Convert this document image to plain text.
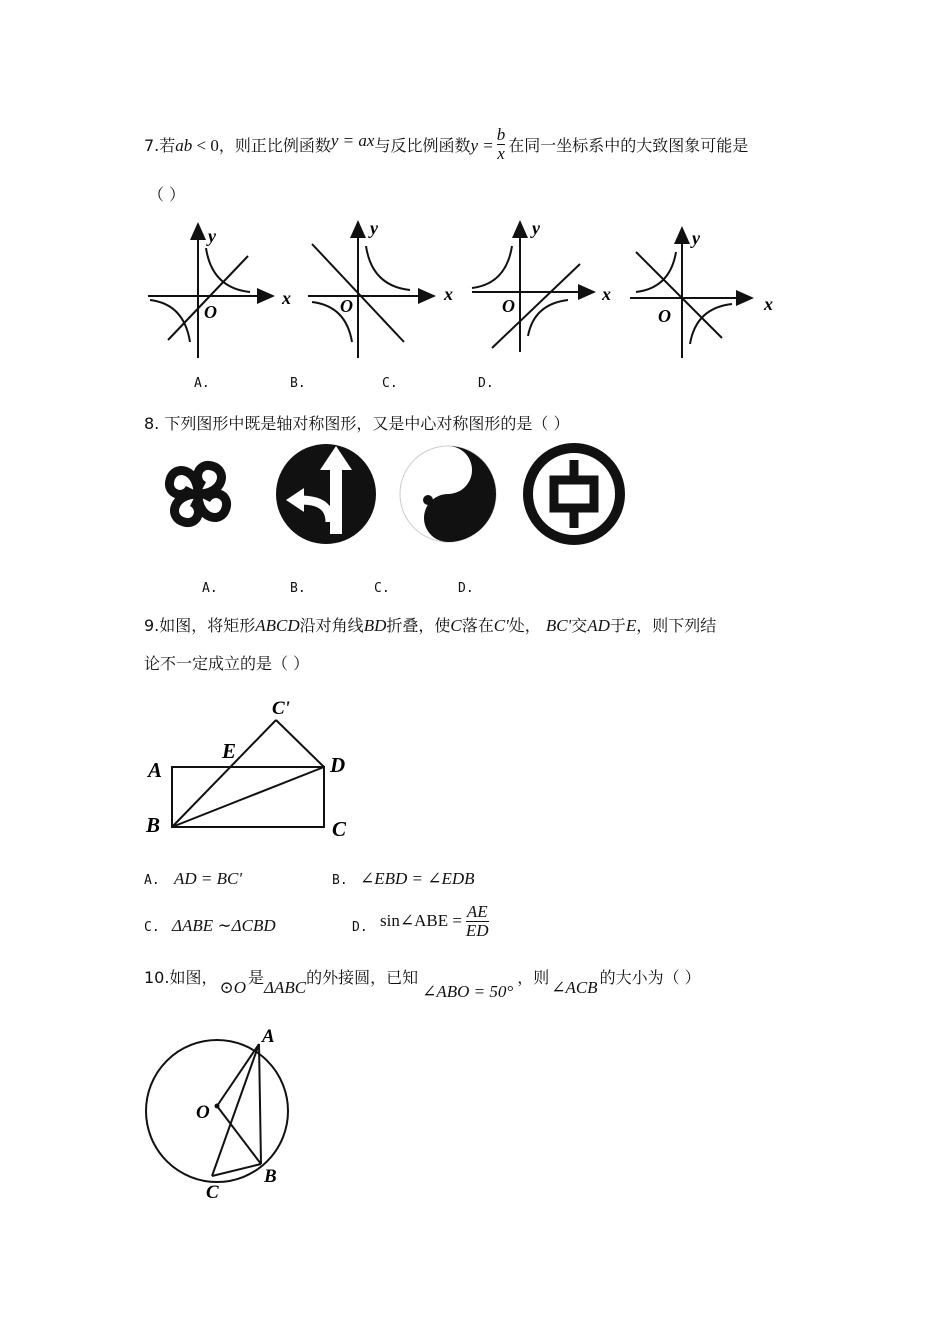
7.若ab < 0，则正比例函数y = ax与反比例函数$y = \frac{b}{x}$ 在同一坐标系中的大致图象可能是
（ ）
y
x
O
y
x
O
y
x
O
y
x
O
A.	B.	C.	D.
8. 下列图形中既是轴对称图形，又是中心对称图形的是（ ）
A.	B.	C.	D.
9.如图，将矩形ABCD沿对角线BD折叠，使C落在C'处， BC'交AD于E，则下列结
论不一定成立的是（ ）
A
B	C
D
E
C'
A. AD = BC'	B. ∠EBD = ∠EDB
C. ΔABE ∼ΔCBD	D. sin∠ABE = $\frac{AE}{ED}$
10.如图，⊙O是ΔABC的外接圆，已知∠ABO = 50°，则∠ACB的大小为（ ）
A
B
C
O
